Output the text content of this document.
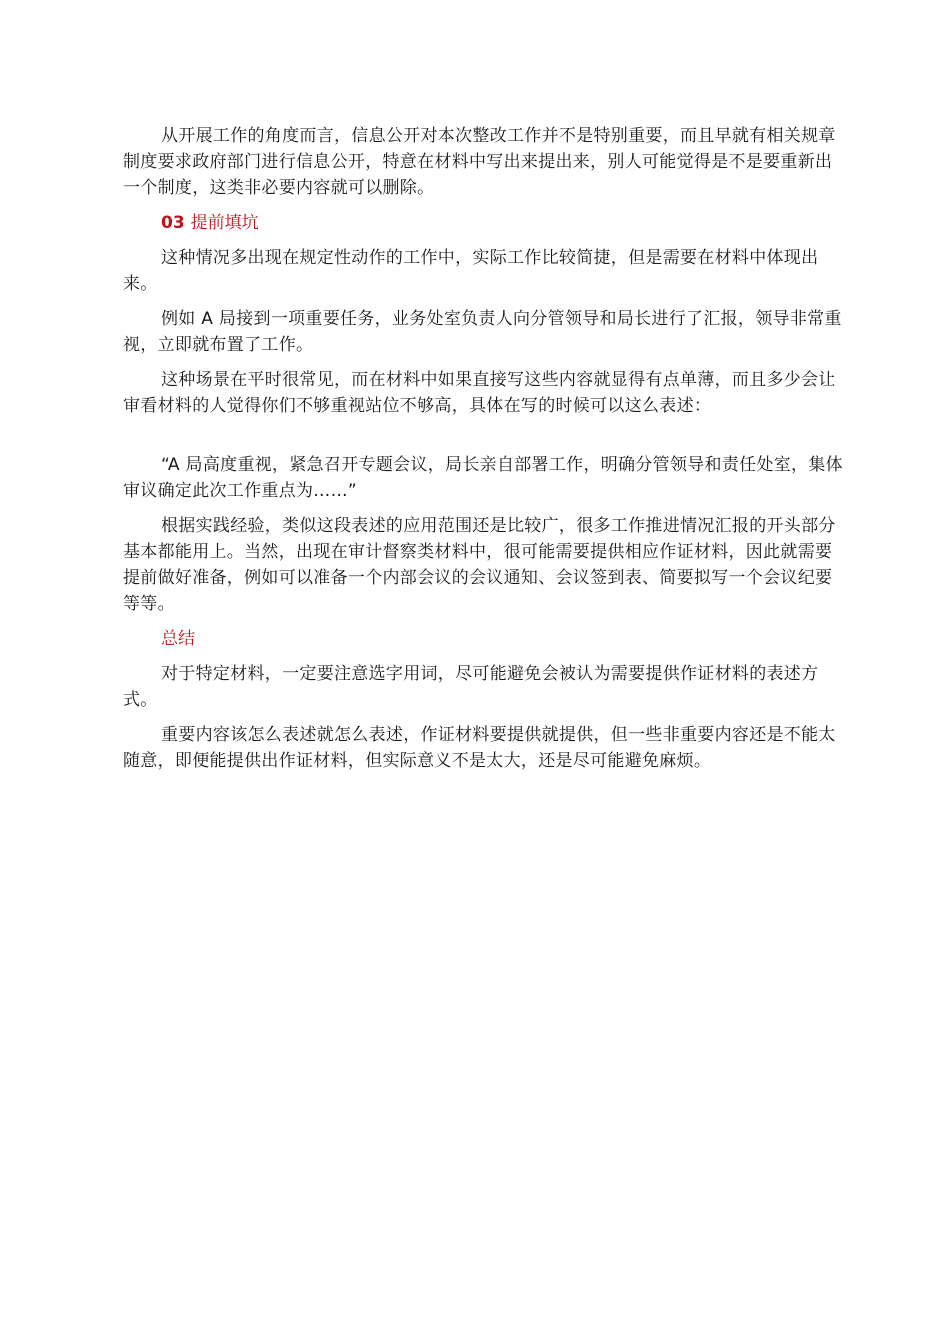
从开展工作的角度而言，信息公开对本次整改工作并不是特别重要，而且早就有相关规章制度要求政府部门进行信息公开，特意在材料中写出来提出来，别人可能觉得是不是要重新出一个制度，这类非必要内容就可以删除。

03 提前填坑

这种情况多出现在规定性动作的工作中，实际工作比较简捷，但是需要在材料中体现出来。

例如 A 局接到一项重要任务，业务处室负责人向分管领导和局长进行了汇报，领导非常重视，立即就布置了工作。

这种场景在平时很常见，而在材料中如果直接写这些内容就显得有点单薄，而且多少会让审看材料的人觉得你们不够重视站位不够高，具体在写的时候可以这么表述：

“A 局高度重视，紧急召开专题会议，局长亲自部署工作，明确分管领导和责任处室，集体审议确定此次工作重点为……”

根据实践经验，类似这段表述的应用范围还是比较广，很多工作推进情况汇报的开头部分基本都能用上。当然，出现在审计督察类材料中，很可能需要提供相应作证材料，因此就需要提前做好准备，例如可以准备一个内部会议的会议通知、会议签到表、简要拟写一个会议纪要等等。

总结

对于特定材料，一定要注意选字用词，尽可能避免会被认为需要提供作证材料的表述方式。

重要内容该怎么表述就怎么表述，作证材料要提供就提供，但一些非重要内容还是不能太随意，即便能提供出作证材料，但实际意义不是太大，还是尽可能避免麻烦。
